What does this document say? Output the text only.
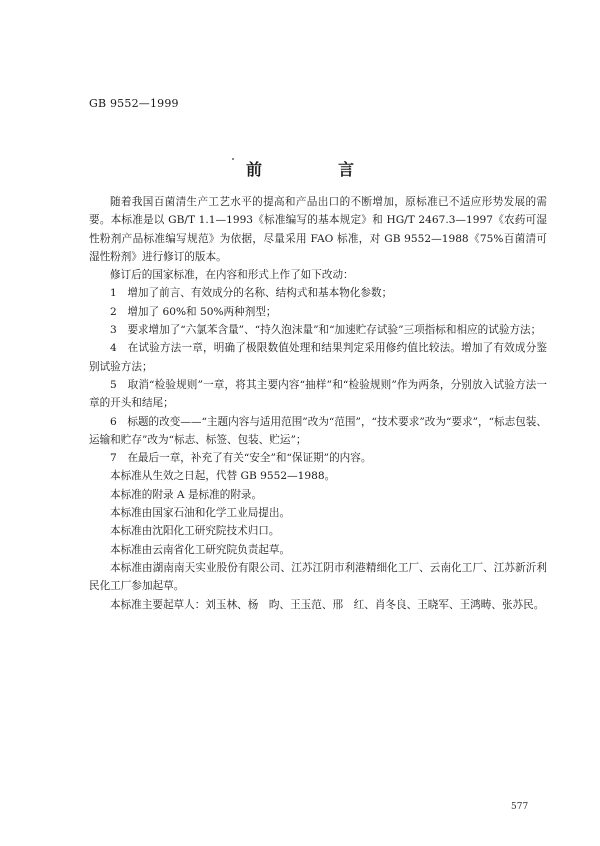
GB 9552—1999
前　言

随着我国百菌清生产工艺水平的提高和产品出口的不断增加，原标准已不适应形势发展的需要。本标准是以 GB/T 1.1—1993《标准编写的基本规定》和 HG/T 2467.3—1997《农药可湿性粉剂产品标准编写规范》为依据，尽量采用 FAO 标准，对 GB 9552—1988《75%百菌清可湿性粉剂》进行修订的版本。

修订后的国家标准，在内容和形式上作了如下改动：

1　增加了前言、有效成分的名称、结构式和基本物化参数；

2　增加了 60%和 50%两种剂型；

3　要求增加了“六氯苯含量”、“持久泡沫量”和“加速贮存试验”三项指标和相应的试验方法；

4　在试验方法一章，明确了极限数值处理和结果判定采用修约值比较法。增加了有效成分鉴别试验方法；

5　取消“检验规则”一章，将其主要内容“抽样”和“检验规则”作为两条，分别放入试验方法一章的开头和结尾；

6　标题的改变——“主题内容与适用范围”改为“范围”，“技术要求”改为“要求”，“标志包装、运输和贮存”改为“标志、标签、包装、贮运”；

7　在最后一章，补充了有关“安全”和“保证期”的内容。

本标准从生效之日起，代替 GB 9552—1988。

本标准的附录 A 是标准的附录。

本标准由国家石油和化学工业局提出。

本标准由沈阳化工研究院技术归口。

本标准由云南省化工研究院负责起草。

本标准由湖南南天实业股份有限公司、江苏江阴市利港精细化工厂、云南化工厂、江苏新沂利民化工厂参加起草。

本标准主要起草人：刘玉林、杨　昀、王玉范、邢　红、肖冬良、王晓军、王鸿畴、张苏民。

577
